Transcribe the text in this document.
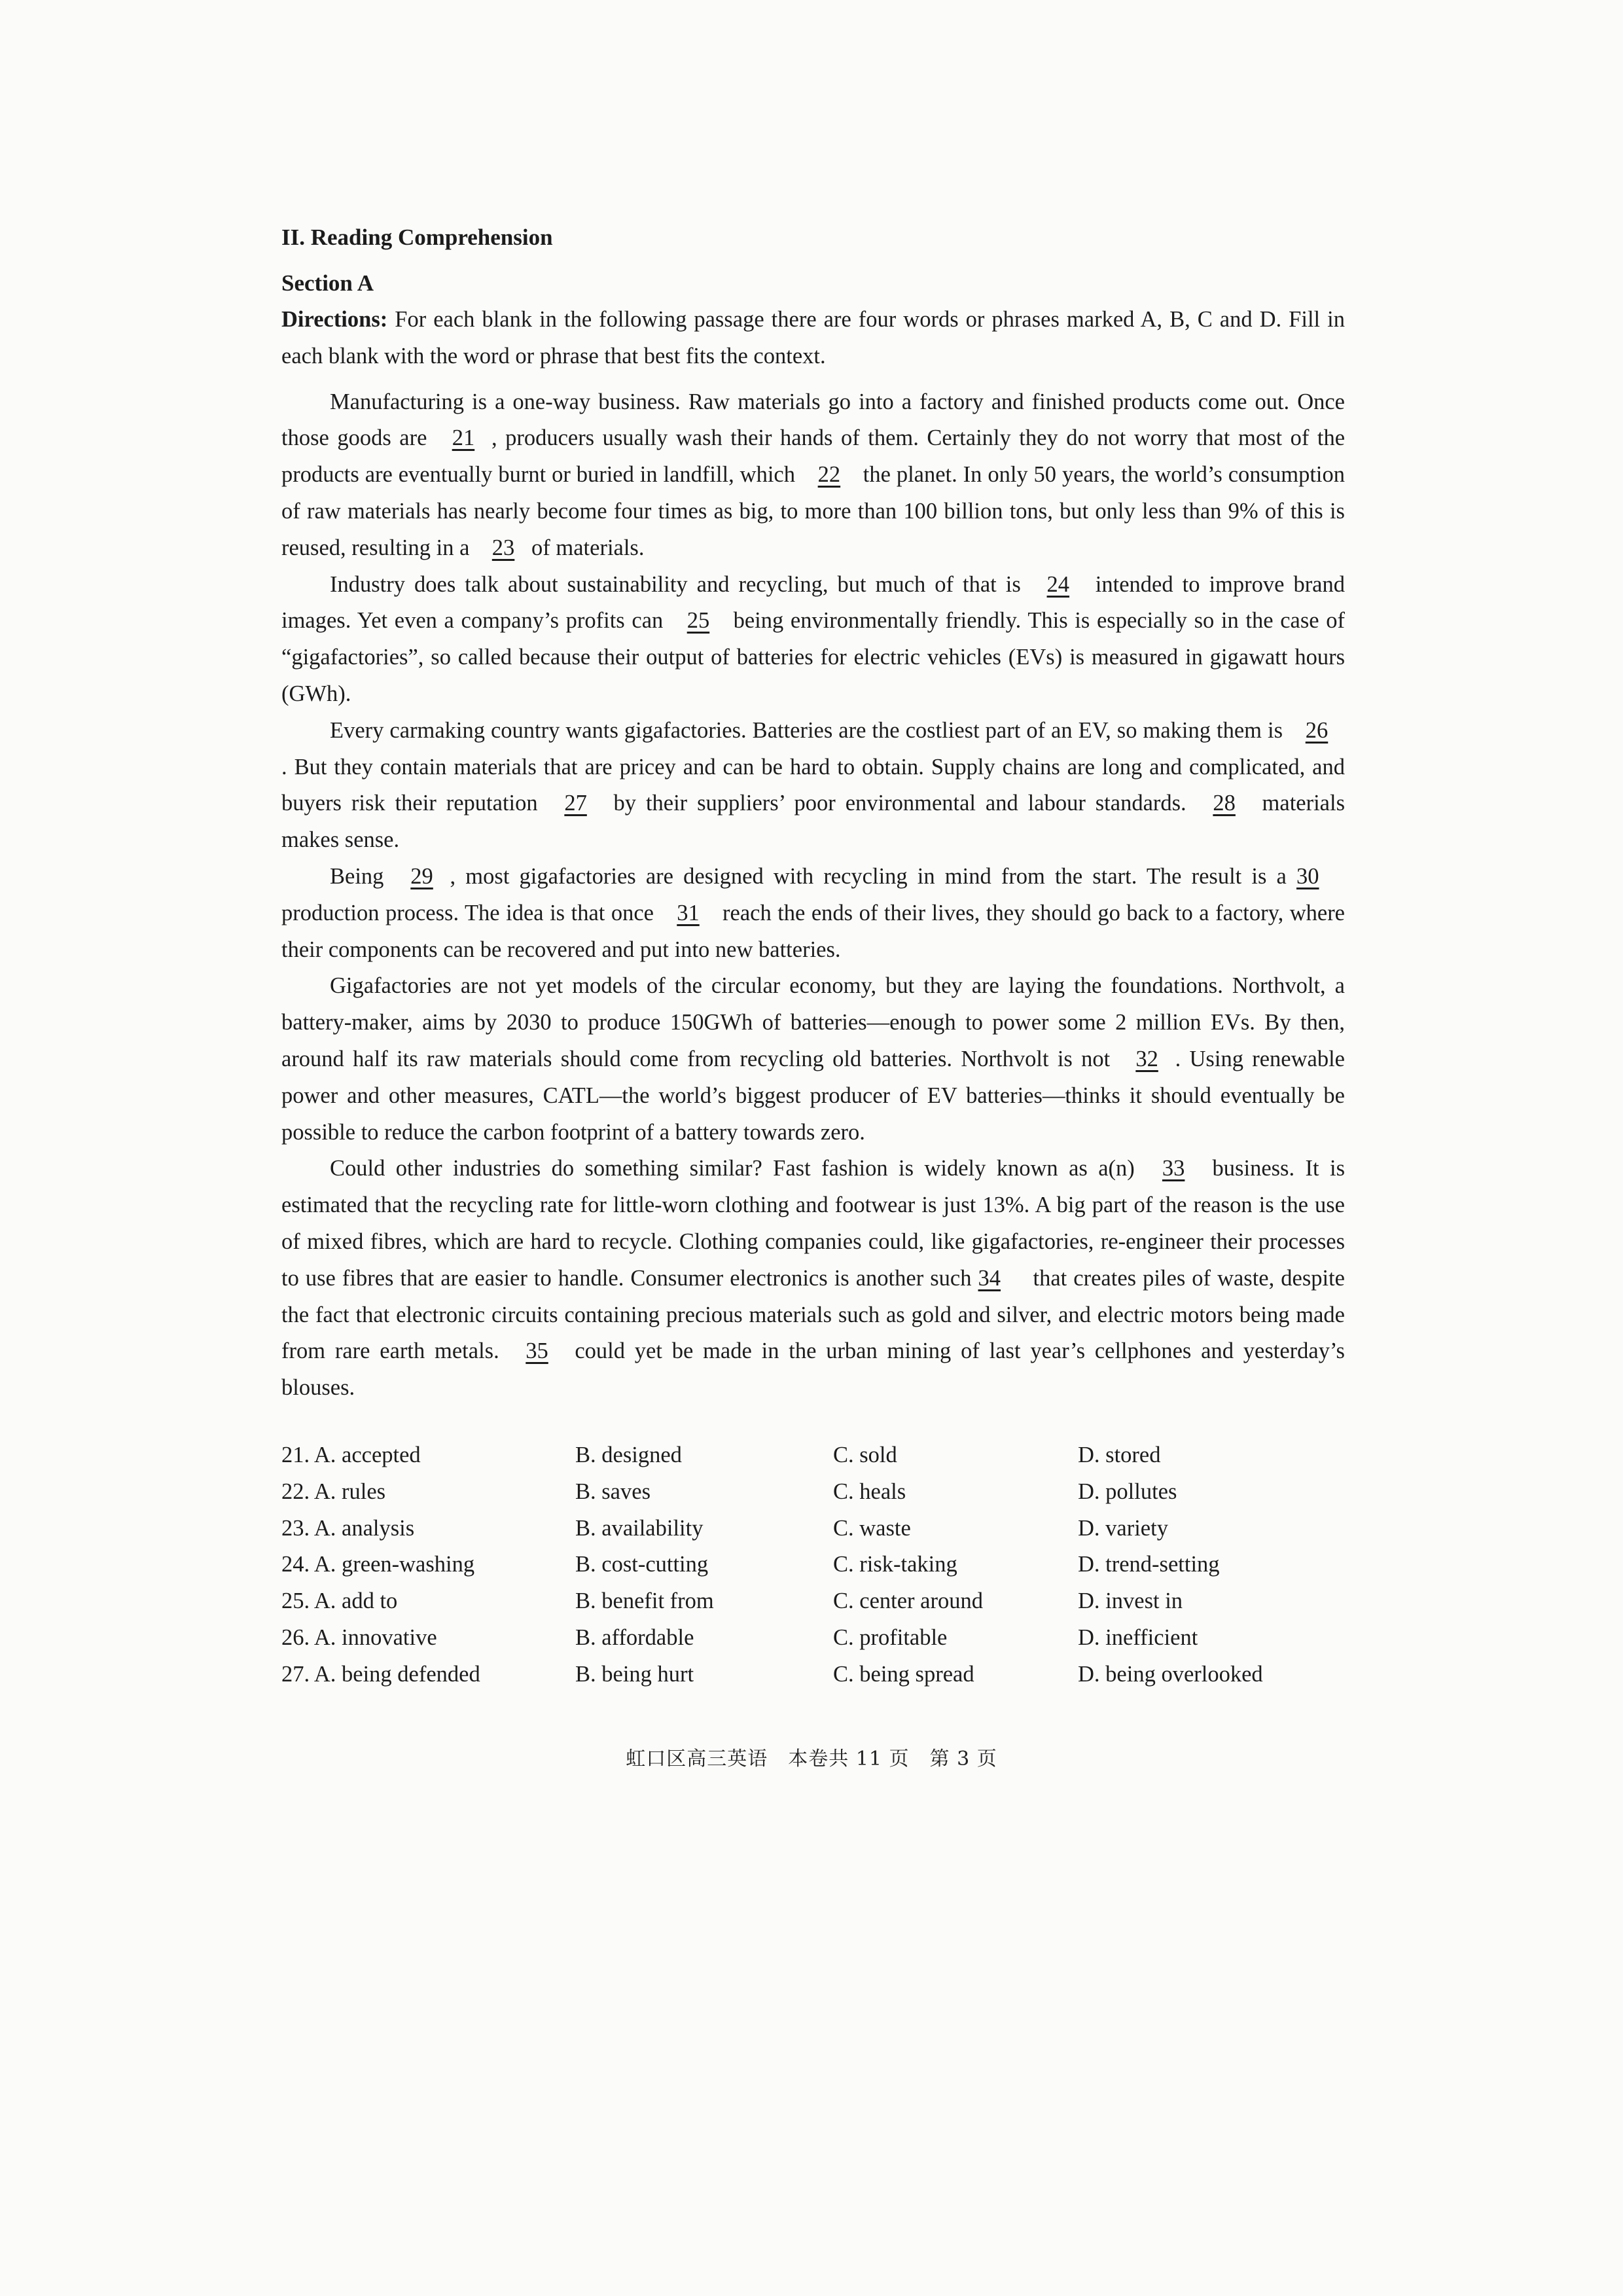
II. Reading Comprehension

Section A

Directions: For each blank in the following passage there are four words or phrases marked A, B, C and D. Fill in each blank with the word or phrase that best fits the context.

Manufacturing is a one-way business. Raw materials go into a factory and finished products come out. Once those goods are 21 , producers usually wash their hands of them. Certainly they do not worry that most of the products are eventually burnt or buried in landfill, which 22 the planet. In only 50 years, the world’s consumption of raw materials has nearly become four times as big, to more than 100 billion tons, but only less than 9% of this is reused, resulting in a 23 of materials.

Industry does talk about sustainability and recycling, but much of that is 24 intended to improve brand images. Yet even a company’s profits can 25 being environmentally friendly. This is especially so in the case of “gigafactories”, so called because their output of batteries for electric vehicles (EVs) is measured in gigawatt hours (GWh).

Every carmaking country wants gigafactories. Batteries are the costliest part of an EV, so making them is 26. But they contain materials that are pricey and can be hard to obtain. Supply chains are long and complicated, and buyers risk their reputation 27 by their suppliers’ poor environmental and labour standards. 28 materials makes sense.

Being 29 , most gigafactories are designed with recycling in mind from the start. The result is a 30 production process. The idea is that once 31 reach the ends of their lives, they should go back to a factory, where their components can be recovered and put into new batteries.

Gigafactories are not yet models of the circular economy, but they are laying the foundations. Northvolt, a battery-maker, aims by 2030 to produce 150GWh of batteries—enough to power some 2 million EVs. By then, around half its raw materials should come from recycling old batteries. Northvolt is not 32 . Using renewable power and other measures, CATL—the world’s biggest producer of EV batteries—thinks it should eventually be possible to reduce the carbon footprint of a battery towards zero.

Could other industries do something similar? Fast fashion is widely known as a(n) 33 business. It is estimated that the recycling rate for little-worn clothing and footwear is just 13%. A big part of the reason is the use of mixed fibres, which are hard to recycle. Clothing companies could, like gigafactories, re-engineer their processes to use fibres that are easier to handle. Consumer electronics is another such 34 that creates piles of waste, despite the fact that electronic circuits containing precious materials such as gold and silver, and electric motors being made from rare earth metals. 35 could yet be made in the urban mining of last year’s cellphones and yesterday’s blouses.

21. A. accepted	B. designed	C. sold	D. stored
22. A. rules	B. saves	C. heals	D. pollutes
23. A. analysis	B. availability	C. waste	D. variety
24. A. green-washing	B. cost-cutting	C. risk-taking	D. trend-setting
25. A. add to	B. benefit from	C. center around	D. invest in
26. A. innovative	B. affordable	C. profitable	D. inefficient
27. A. being defended	B. being hurt	C. being spread	D. being overlooked
虹口区高三英语　本卷共 11 页　第 3 页
